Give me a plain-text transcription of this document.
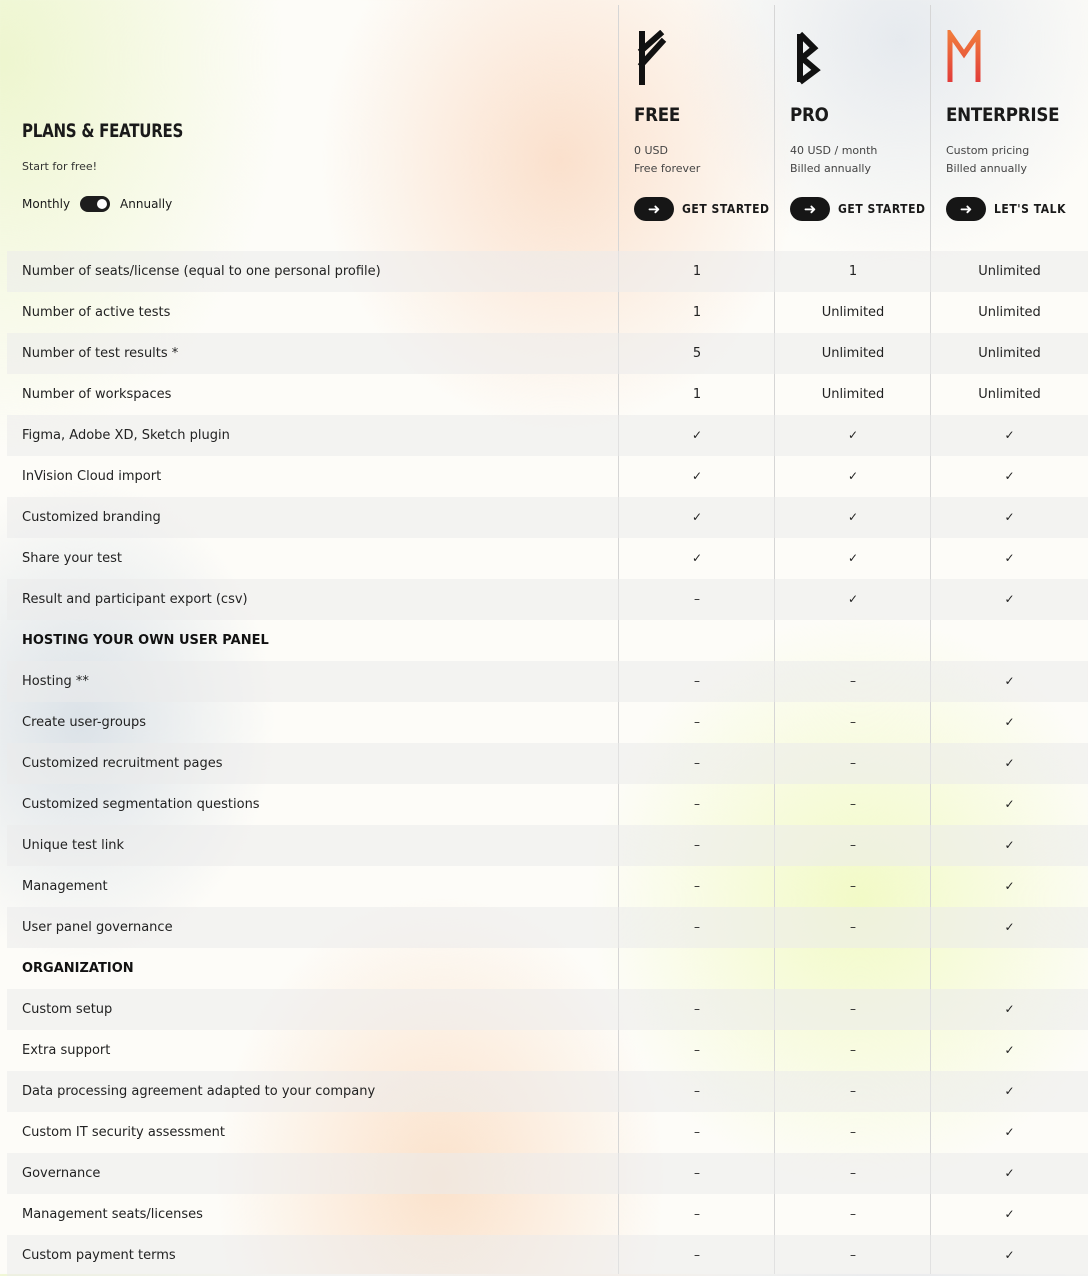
PLANS & FEATURES
Start for free!
Monthly	Annually
FREE
0 USD
Free forever
➜	GET STARTED
PRO
40 USD / month
Billed annually
➜	GET STARTED
ENTERPRISE
Custom pricing
Billed annually
➜	LET'S TALK
Number of seats/license (equal to one personal profile)	1	1	Unlimited
Number of active tests	1	Unlimited	Unlimited
Number of test results *	5	Unlimited	Unlimited
Number of workspaces	1	Unlimited	Unlimited
Figma, Adobe XD, Sketch plugin	✓	✓	✓
InVision Cloud import	✓	✓	✓
Customized branding	✓	✓	✓
Share your test	✓	✓	✓
Result and participant export (csv)	–	✓	✓
HOSTING YOUR OWN USER PANEL
Hosting **	–	–	✓
Create user-groups	–	–	✓
Customized recruitment pages	–	–	✓
Customized segmentation questions	–	–	✓
Unique test link	–	–	✓
Management	–	–	✓
User panel governance	–	–	✓
ORGANIZATION
Custom setup	–	–	✓
Extra support	–	–	✓
Data processing agreement adapted to your company	–	–	✓
Custom IT security assessment	–	–	✓
Governance	–	–	✓
Management seats/licenses	–	–	✓
Custom payment terms	–	–	✓
